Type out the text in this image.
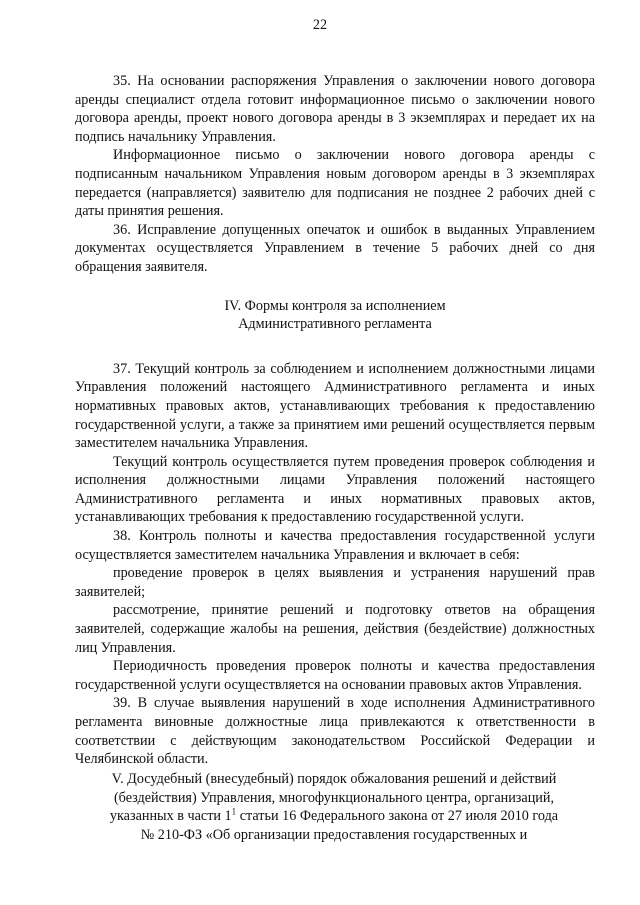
22

35. На основании распоряжения Управления о заключении нового договора аренды специалист отдела готовит информационное письмо о заключении нового договора аренды, проект нового договора аренды в 3 экземплярах и передает их на подпись начальнику Управления.

Информационное письмо о заключении нового договора аренды с подписанным начальником Управления новым договором аренды в 3 экземплярах передается (направляется) заявителю для подписания не позднее 2 рабочих дней с даты принятия решения.

36. Исправление допущенных опечаток и ошибок в выданных Управлением документах осуществляется Управлением в течение 5 рабочих дней со дня обращения заявителя.

IV. Формы контроля за исполнением

Административного регламента

37. Текущий контроль за соблюдением и исполнением должностными лицами Управления положений настоящего Административного регламента и иных нормативных правовых актов, устанавливающих требования к предоставлению государственной услуги, а также за принятием ими решений осуществляется первым заместителем начальника Управления.

Текущий контроль осуществляется путем проведения проверок соблюдения и исполнения должностными лицами Управления положений настоящего Административного регламента и иных нормативных правовых актов, устанавливающих требования к предоставлению государственной услуги.

38. Контроль полноты и качества предоставления государственной услуги осуществляется заместителем начальника Управления и включает в себя:

проведение проверок в целях выявления и устранения нарушений прав заявителей;

рассмотрение, принятие решений и подготовку ответов на обращения заявителей, содержащие жалобы на решения, действия (бездействие) должностных лиц Управления.

Периодичность проведения проверок полноты и качества предоставления государственной услуги осуществляется на основании правовых актов Управления.

39. В случае выявления нарушений в ходе исполнения Административного регламента виновные должностные лица привлекаются к ответственности в соответствии с действующим законодательством Российской Федерации и Челябинской области.

V. Досудебный (внесудебный) порядок обжалования решений и действий
(бездействия) Управления, многофункционального центра, организаций,
указанных в части $1^1$ статьи 16 Федерального закона от 27 июля 2010 года
№ 210-ФЗ «Об организации предоставления государственных и
